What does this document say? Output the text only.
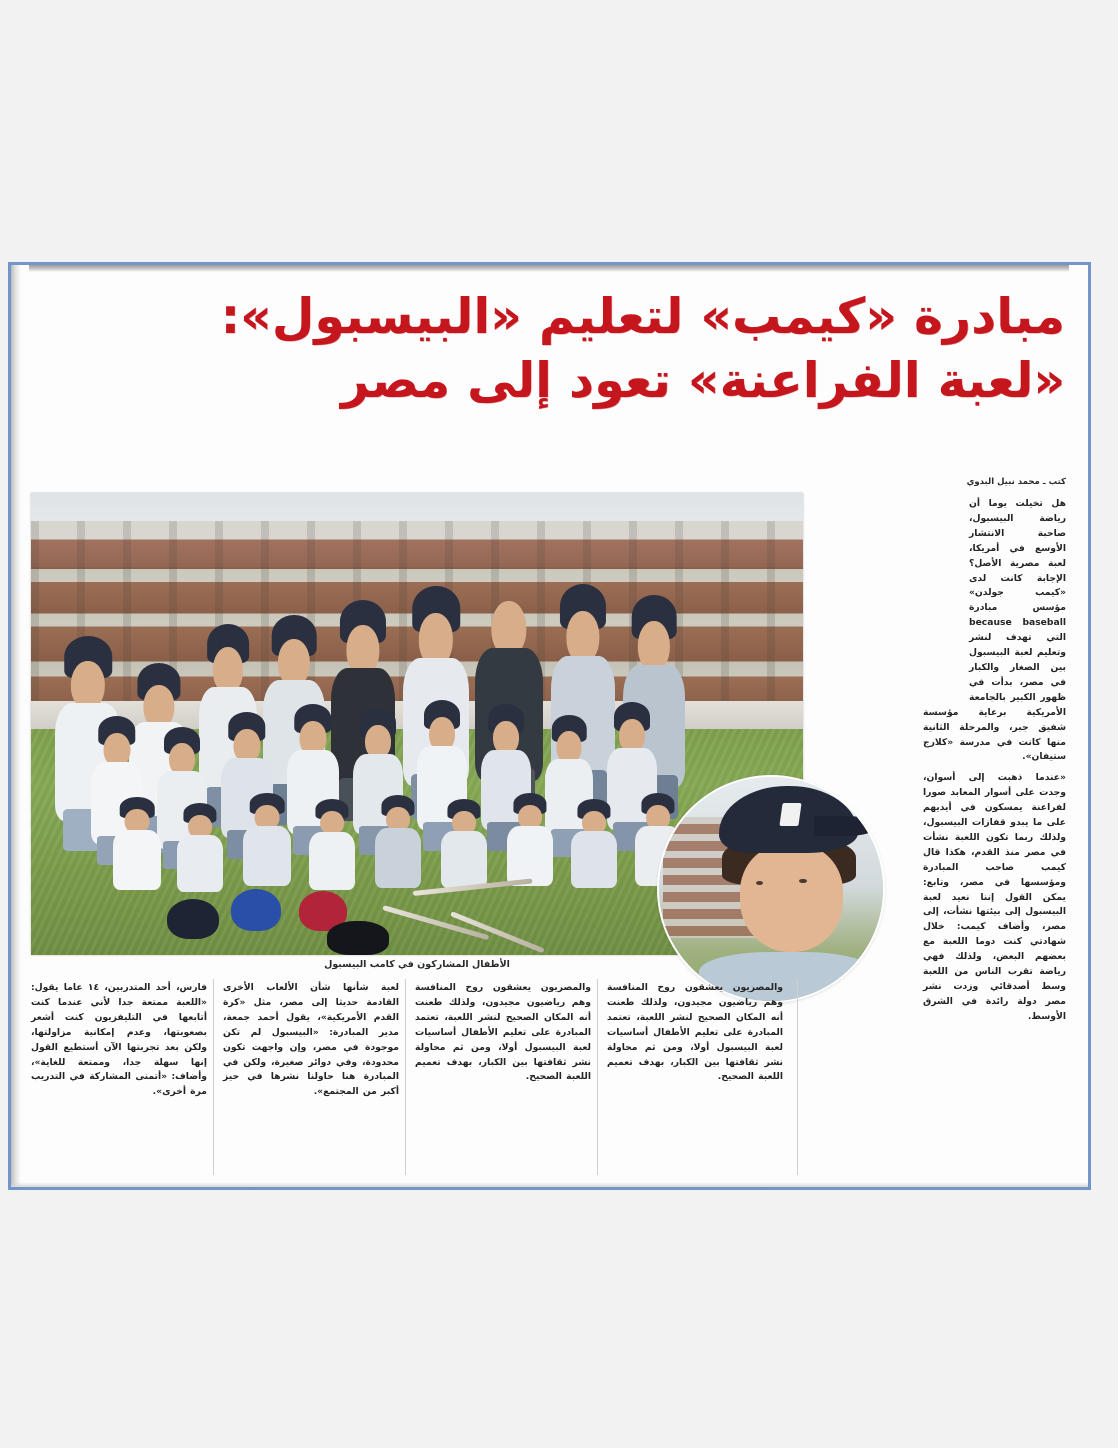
مبادرة «كيمب» لتعليم «البيسبول»:
«لعبة الفراعنة» تعود إلى مصر
كتب ـ محمد نبيل البدوي
الأطفال المشاركون في كامب البيسبول

هل تخيلت يوما أن رياضة البيسبول، صاحبة الانتشار الأوسع في أمريكا، لعبة مصرية الأصل؟ الإجابة كانت لدى «كيمب جولدن» مؤسس مبادرة because baseball التي تهدف لنشر وتعليم لعبة البيسبول بين الصغار والكبار في مصر، بدأت في ظهور الكبير بالجامعة الأمريكية برعاية مؤسسة شفيق جبر، والمرحلة الثانية منها كانت في مدرسة «كلارج ستيفان».

«عندما ذهبت إلى أسوان، وجدت على أسوار المعابد صورا لفراعنة يمسكون في أيديهم على ما يبدو قفازات البيسبول، ولذلك ربما تكون اللعبة نشأت في مصر منذ القدم، هكذا قال كيمب صاحب المبادرة ومؤسسها في مصر، وتابع: يمكن القول إننا نعيد لعبة البيسبول إلى بيئتها نشأت، إلى مصر، وأضاف كيمب: خلال شهادتي كنت دوما اللعبة مع بعضهم البعض، ولذلك فهي رياضة تقرب الناس من اللعبة وسط أصدقائي وزدت نشر مصر دولة رائدة في الشرق الأوسط.

فارس، أحد المتدربين، ١٤ عاما يقول: «اللعبة ممتعة جدا لأني عندما كنت أتابعها في التليفزيون كنت أشعر بصعوبتها، وعدم إمكانية مزاولتها، ولكن بعد تجربتها الآن أستطيع القول إنها سهلة جدا، وممتعة للغاية»، وأضاف: «أتمنى المشاركة في التدريب مرة أخرى».

لعبة شأنها شأن الألعاب الأخرى القادمة حديثا إلى مصر، مثل «كرة القدم الأمريكية»، يقول أحمد جمعة، مدير المبادرة: «البيسبول لم تكن موجودة في مصر، وإن واجهت تكون محدودة، وفي دوائر صغيرة، ولكن في المبادرة هنا حاولنا نشرها في حيز أكبر من المجتمع».

والمصريون يعشقون روح المنافسة وهم رياضيون مجيدون، ولذلك طعنت أنه المكان الصحيح لنشر اللعبة، تعتمد المبادرة على تعليم الأطفال أساسيات لعبة البيسبول أولا، ومن ثم محاولة نشر ثقافتها بين الكبار، بهدف تعميم اللعبة الصحيح.

والمصريون يعشقون روح المنافسة وهم رياضيون مجيدون، ولذلك طعنت أنه المكان الصحيح لنشر اللعبة، تعتمد المبادرة على تعليم الأطفال أساسيات لعبة البيسبول أولا، ومن ثم محاولة نشر ثقافتها بين الكبار، بهدف تعميم اللعبة الصحيح.
